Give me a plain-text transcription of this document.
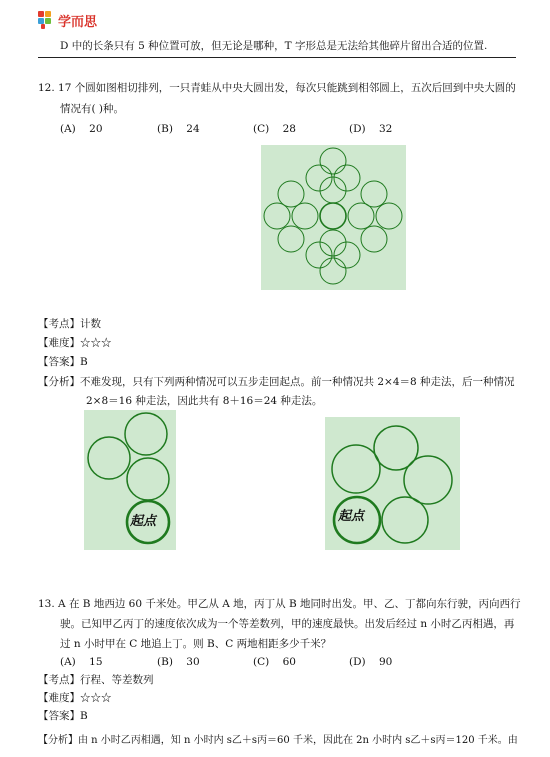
学而思
D 中的长条只有 5 种位置可放，但无论是哪种，T 字形总是无法给其他碎片留出合适的位置.
12. 17 个圆如图相切排列，一只青蛙从中央大圆出发，每次只能跳到相邻圆上，五次后回到中央大圆的
情况有( )种。
(A) 20	(B) 24	(C) 28	(D) 32
【考点】计数
【难度】☆☆☆
【答案】B
【分析】不难发现，只有下列两种情况可以五步走回起点。前一种情况共 2×4＝8 种走法，后一种情况
2×8＝16 种走法，因此共有 8＋16＝24 种走法。
起点	起点
13. A 在 B 地西边 60 千米处。甲乙从 A 地，丙丁从 B 地同时出发。甲、乙、丁都向东行驶，丙向西行
驶。已知甲乙丙丁的速度依次成为一个等差数列，甲的速度最快。出发后经过 n 小时乙丙相遇，再
过 n 小时甲在 C 地追上丁。则 B、C 两地相距多少千米？
(A) 15	(B) 30	(C) 60	(D) 90
【考点】行程、等差数列
【难度】☆☆☆
【答案】B
【分析】由 n 小时乙丙相遇，知 n 小时内 s乙＋s丙＝60 千米，因此在 2n 小时内 s乙＋s丙＝120 千米。由
